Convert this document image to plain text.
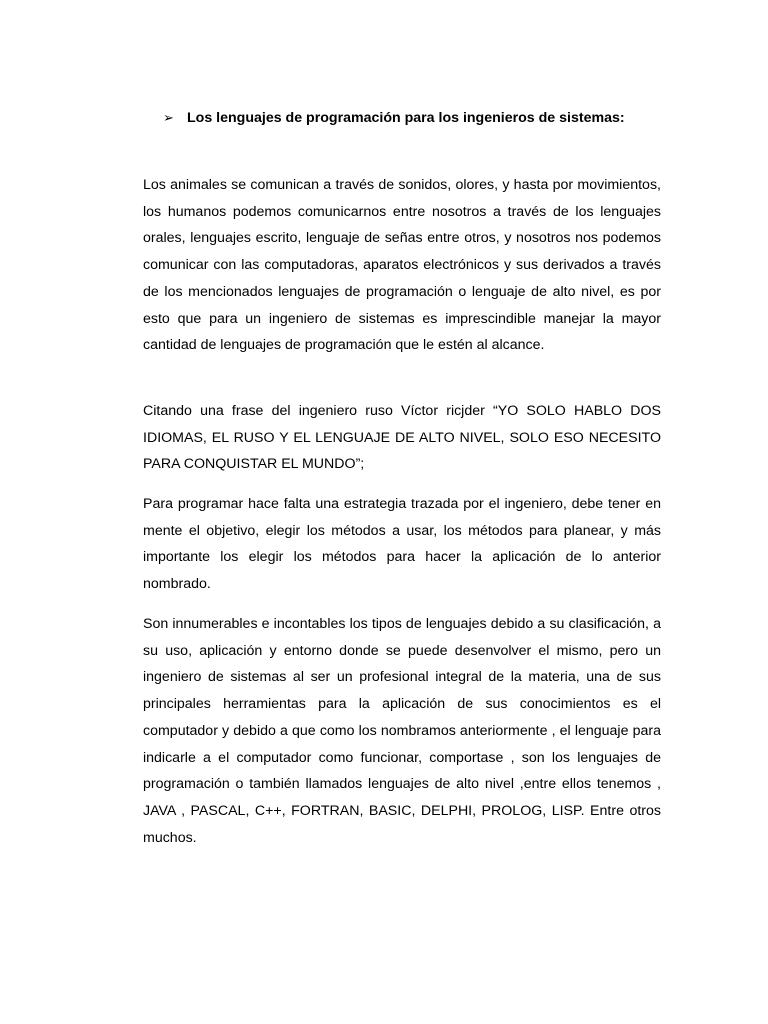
➢ Los lenguajes de programación para los ingenieros de sistemas:

Los animales se comunican a través de sonidos, olores, y hasta por movimientos, los humanos podemos comunicarnos entre nosotros a través de los lenguajes orales, lenguajes escrito, lenguaje de señas entre otros, y nosotros nos podemos comunicar con las computadoras, aparatos electrónicos y sus derivados a través de los mencionados lenguajes de programación o lenguaje de alto nivel, es por esto que para un ingeniero de sistemas es imprescindible manejar la mayor cantidad de lenguajes de programación que le estén al alcance.

Citando una frase del ingeniero ruso Víctor ricjder “YO SOLO HABLO DOS IDIOMAS, EL RUSO Y EL LENGUAJE DE ALTO NIVEL, SOLO ESO NECESITO PARA CONQUISTAR EL MUNDO”;

Para programar hace falta una estrategia trazada por el ingeniero, debe tener en mente el objetivo, elegir los métodos a usar, los métodos para planear, y más importante los elegir los métodos para hacer la aplicación de lo anterior nombrado.

Son innumerables e incontables los tipos de lenguajes debido a su clasificación, a su uso, aplicación y entorno donde se puede desenvolver el mismo, pero un ingeniero de sistemas al ser un profesional integral de la materia, una de sus principales herramientas para la aplicación de sus conocimientos es el computador y debido a que como los nombramos anteriormente , el lenguaje para indicarle a el computador como funcionar, comportase , son los lenguajes de programación o también llamados lenguajes de alto nivel ,entre ellos tenemos , JAVA , PASCAL, C++, FORTRAN, BASIC, DELPHI, PROLOG, LISP. Entre otros muchos.
